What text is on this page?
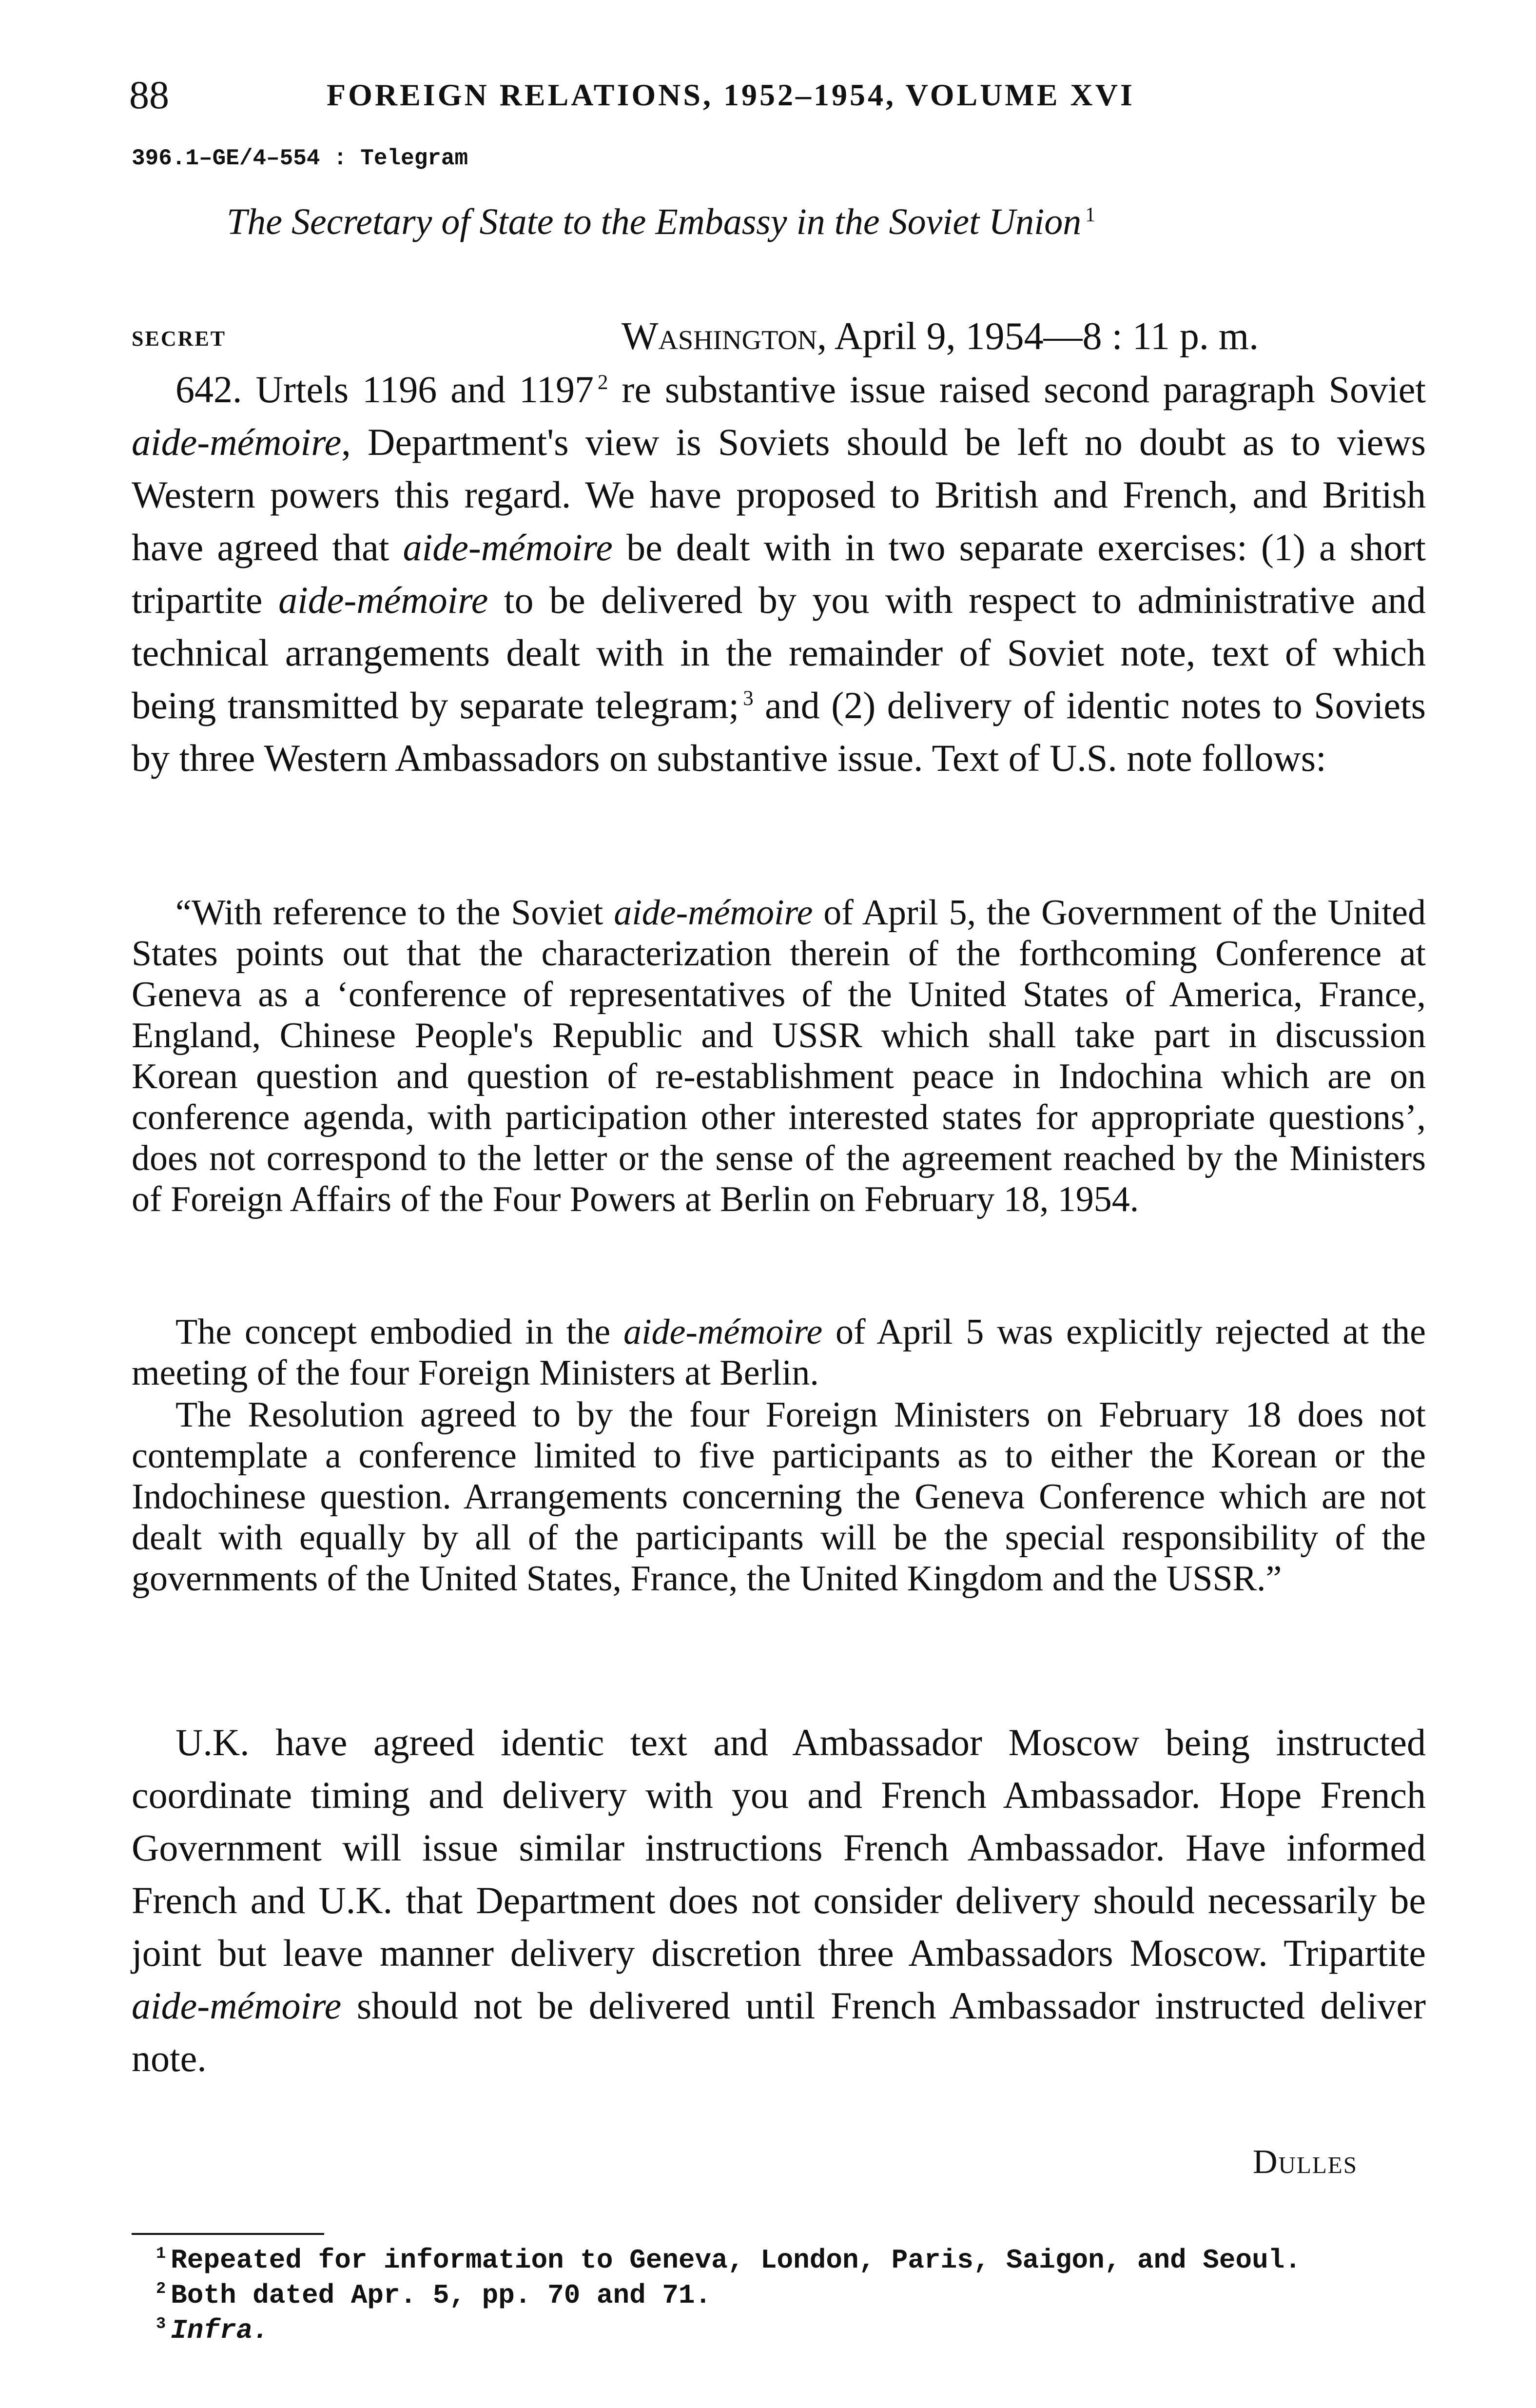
88	FOREIGN RELATIONS, 1952–1954, VOLUME XVI
396.1–GE/4–554 : Telegram
The Secretary of State to the Embassy in the Soviet Union $^1$
SECRET	Washington, April 9, 1954—8 : 11 p. m.

642. Urtels 1196 and 1197 $^2$ re substantive issue raised second paragraph Soviet aide-mémoire, Department's view is Soviets should be left no doubt as to views Western powers this regard. We have proposed to British and French, and British have agreed that aide-mémoire be dealt with in two separate exercises: (1) a short tripartite aide-mémoire to be delivered by you with respect to administrative and technical arrangements dealt with in the remainder of Soviet note, text of which being transmitted by separate telegram; $^3$ and (2) delivery of identic notes to Soviets by three Western Ambassadors on substantive issue. Text of U.S. note follows:

“With reference to the Soviet aide-mémoire of April 5, the Government of the United States points out that the characterization therein of the forthcoming Conference at Geneva as a ‘conference of representatives of the United States of America, France, England, Chinese People's Republic and USSR which shall take part in discussion Korean question and question of re-establishment peace in Indochina which are on conference agenda, with participation other interested states for appropriate questions’, does not correspond to the letter or the sense of the agreement reached by the Ministers of Foreign Affairs of the Four Powers at Berlin on February 18, 1954.

The concept embodied in the aide-mémoire of April 5 was explicitly rejected at the meeting of the four Foreign Ministers at Berlin.

The Resolution agreed to by the four Foreign Ministers on February 18 does not contemplate a conference limited to five participants as to either the Korean or the Indochinese question. Arrangements concerning the Geneva Conference which are not dealt with equally by all of the participants will be the special responsibility of the governments of the United States, France, the United Kingdom and the USSR.”

U.K. have agreed identic text and Ambassador Moscow being instructed coordinate timing and delivery with you and French Ambassador. Hope French Government will issue similar instructions French Ambassador. Have informed French and U.K. that Department does not consider delivery should necessarily be joint but leave manner delivery discretion three Ambassadors Moscow. Tripartite aide-mémoire should not be delivered until French Ambassador instructed deliver note.

Dulles
$^1$ Repeated for information to Geneva, London, Paris, Saigon, and Seoul.
$^2$ Both dated Apr. 5, pp. 70 and 71.
$^3$ Infra.
